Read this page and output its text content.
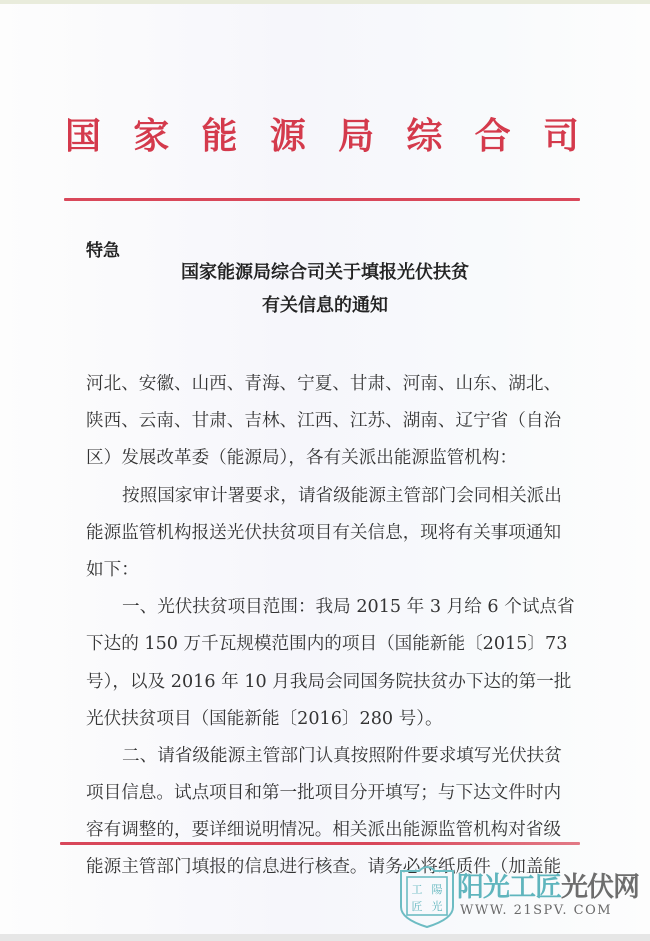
国 家 能 源 局 综 合 司
特急
国家能源局综合司关于填报光伏扶贫
有关信息的通知
河北、安徽、山西、青海、宁夏、甘肃、河南、山东、湖北、
陕西、云南、甘肃、吉林、江西、江苏、湖南、辽宁省（自治
区）发展改革委（能源局），各有关派出能源监管机构：
按照国家审计署要求，请省级能源主管部门会同相关派出
能源监管机构报送光伏扶贫项目有关信息，现将有关事项通知
如下：
一、光伏扶贫项目范围：我局 2015 年 3 月给 6 个试点省
下达的 150 万千瓦规模范围内的项目（国能新能〔2015〕73
号），以及 2016 年 10 月我局会同国务院扶贫办下达的第一批
光伏扶贫项目（国能新能〔2016〕280 号）。
二、请省级能源主管部门认真按照附件要求填写光伏扶贫
项目信息。试点项目和第一批项目分开填写；与下达文件时内
容有调整的，要详细说明情况。相关派出能源监管机构对省级
能源主管部门填报的信息进行核查。请务必将纸质件（加盖能
工 陽
匠 光
阳光工匠光伏网
WWW. 21SPV. COM
